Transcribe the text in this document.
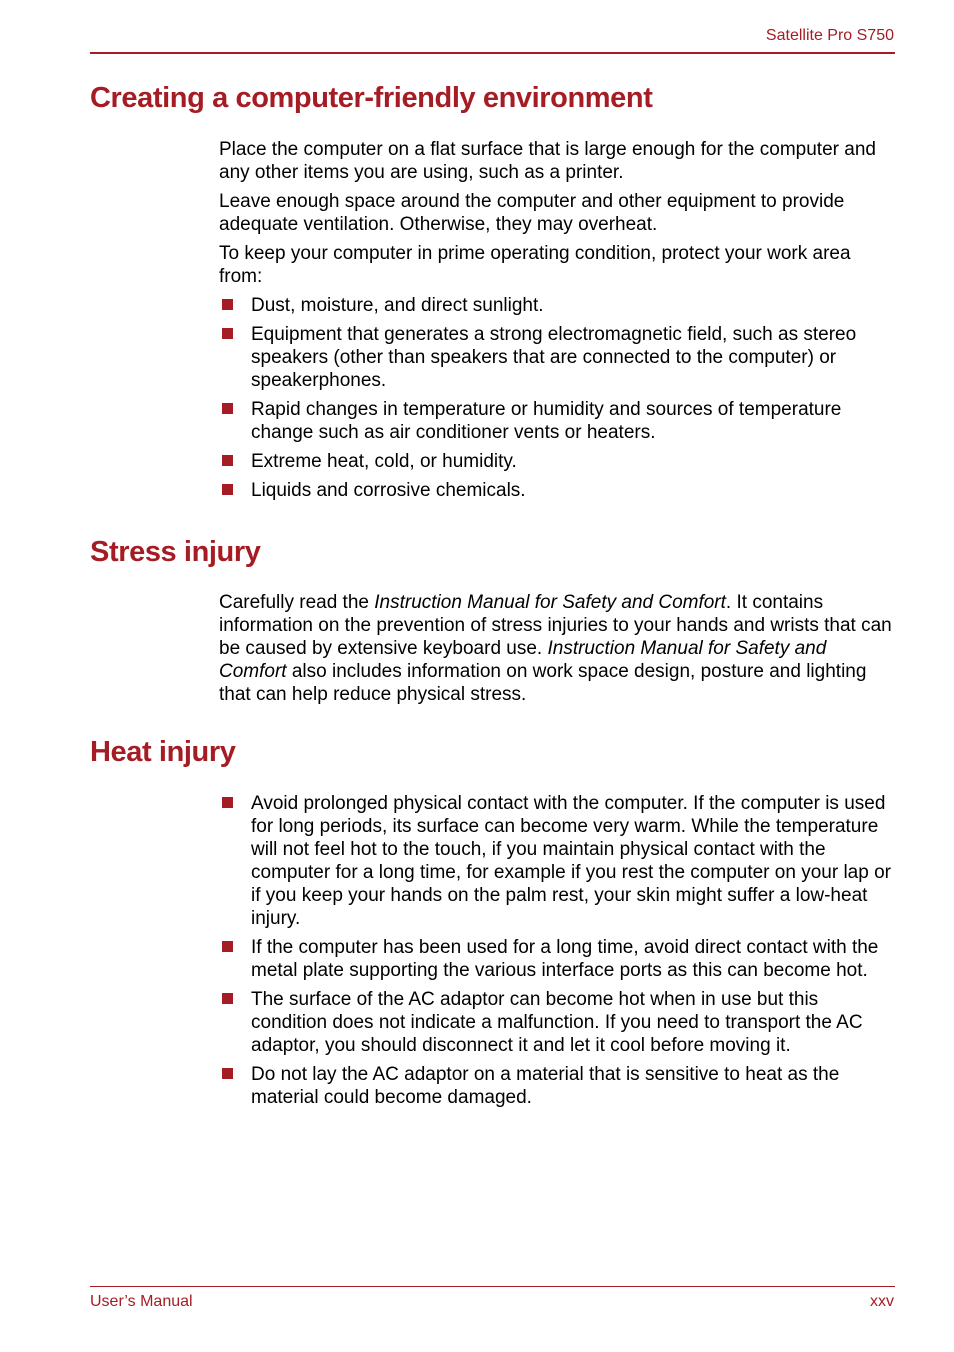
Satellite Pro S750
Creating a computer-friendly environment

Place the computer on a flat surface that is large enough for the computer and any other items you are using, such as a printer.

Leave enough space around the computer and other equipment to provide adequate ventilation. Otherwise, they may overheat.

To keep your computer in prime operating condition, protect your work area from:

Dust, moisture, and direct sunlight.
Equipment that generates a strong electromagnetic field, such as stereo speakers (other than speakers that are connected to the computer) or speakerphones.
Rapid changes in temperature or humidity and sources of temperature change such as air conditioner vents or heaters.
Extreme heat, cold, or humidity.
Liquids and corrosive chemicals.
Stress injury

Carefully read the Instruction Manual for Safety and Comfort. It contains information on the prevention of stress injuries to your hands and wrists that can be caused by extensive keyboard use. Instruction Manual for Safety and Comfort also includes information on work space design, posture and lighting that can help reduce physical stress.

Heat injury
Avoid prolonged physical contact with the computer. If the computer is used for long periods, its surface can become very warm. While the temperature will not feel hot to the touch, if you maintain physical contact with the computer for a long time, for example if you rest the computer on your lap or if you keep your hands on the palm rest, your skin might suffer a low-heat injury.
If the computer has been used for a long time, avoid direct contact with the metal plate supporting the various interface ports as this can become hot.
The surface of the AC adaptor can become hot when in use but this condition does not indicate a malfunction. If you need to transport the AC adaptor, you should disconnect it and let it cool before moving it.
Do not lay the AC adaptor on a material that is sensitive to heat as the material could become damaged.
User’s Manual	xxv
